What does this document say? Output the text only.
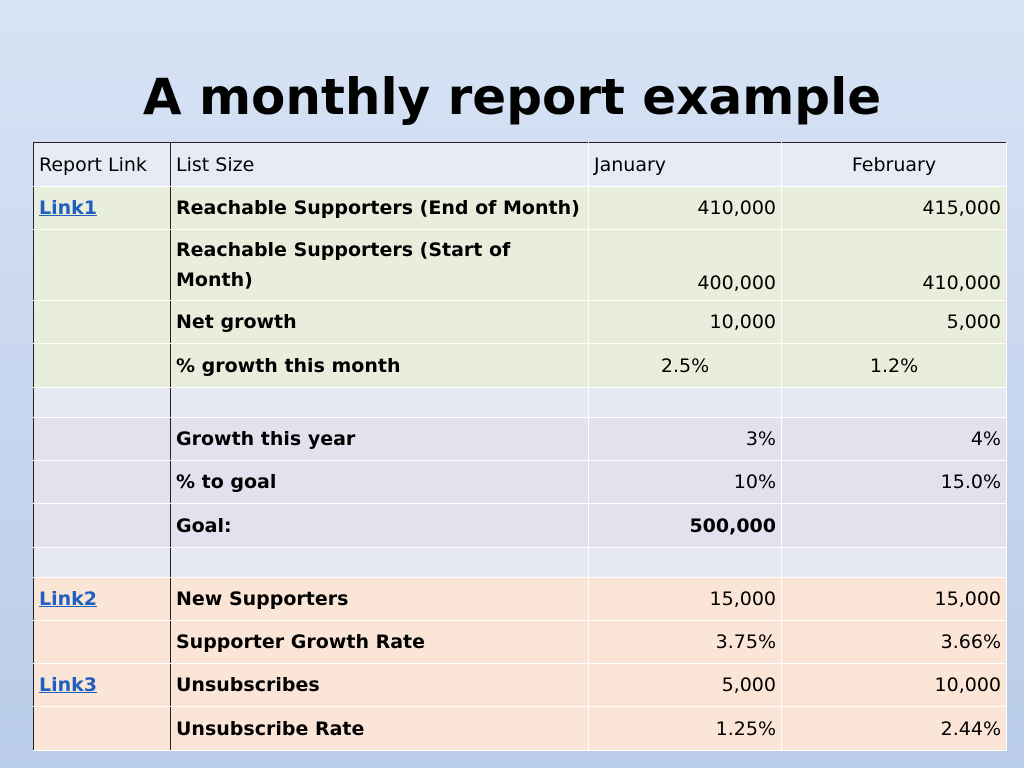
A monthly report example
Report Link	List Size	January	February
Link1	Reachable Supporters (End of Month)	410,000	415,000
	Reachable Supporters (Start of Month)	400,000	410,000
	Net growth	10,000	5,000
	% growth this month	2.5%	1.2%

	Growth this year	3%	4%
	% to goal	10%	15.0%
	Goal:	500,000	

Link2	New Supporters	15,000	15,000
	Supporter Growth Rate	3.75%	3.66%
Link3	Unsubscribes	5,000	10,000
	Unsubscribe Rate	1.25%	2.44%
